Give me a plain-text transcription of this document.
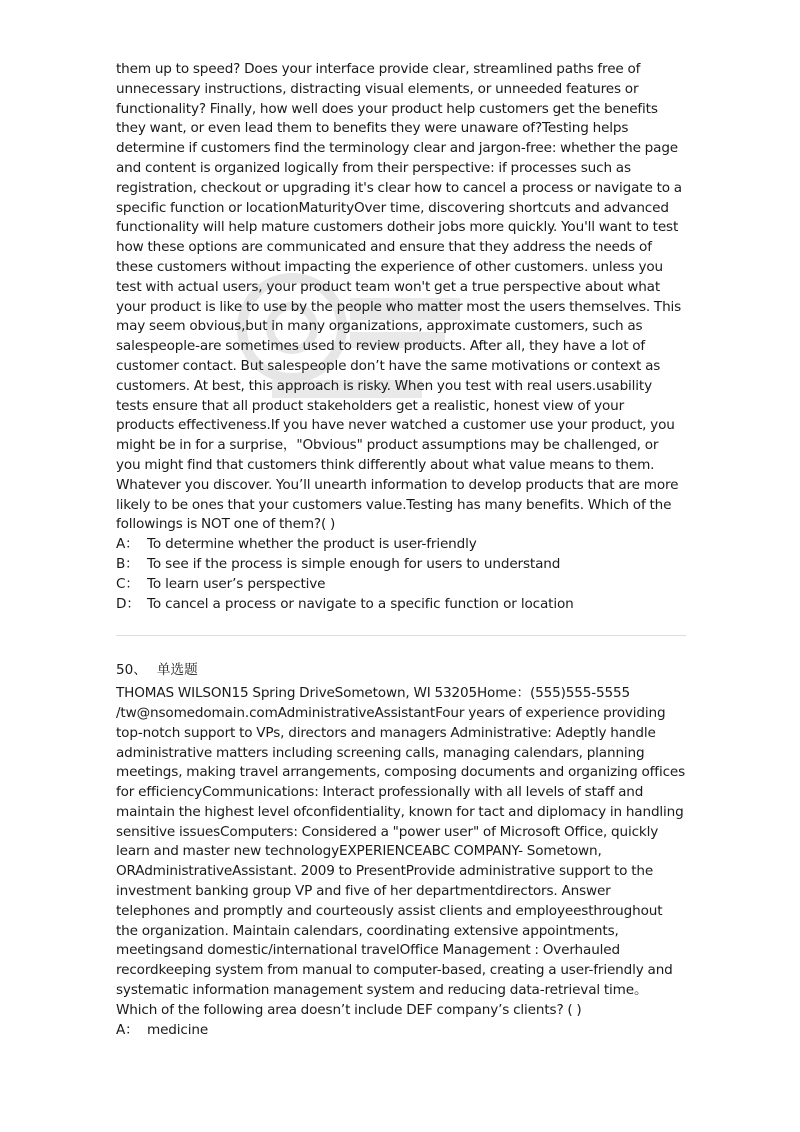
them up to speed? Does your interface provide clear, streamlined paths free of unnecessary instructions, distracting visual elements, or unneeded features or functionality? Finally, how well does your product help customers get the benefits they want, or even lead them to benefits they were unaware of?Testing helps determine if customers find the terminology clear and jargon-free: whether the page and content is organized logically from their perspective: if processes such as registration, checkout or upgrading it's clear how to cancel a process or navigate to a specific function or locationMaturityOver time, discovering shortcuts and advanced functionality will help mature customers dotheir jobs more quickly. You'll want to test how these options are communicated and ensure that they address the needs of these customers without impacting the experience of other customers. unless you test with actual users, your product team won't get a true perspective about what your product is like to use by the people who matter most the users themselves. This may seem obvious,but in many organizations, approximate customers, such as salespeople-are sometimes used to review products. After all, they have a lot of customer contact. But salespeople don’t have the same motivations or context as customers. At best, this approach is risky. When you test with real users.usability tests ensure that all product stakeholders get a realistic, honest view of your products effectiveness.If you have never watched a customer use your product, you might be in for a surprise，"Obvious" product assumptions may be challenged, or you might find that customers think differently about what value means to them. Whatever you discover. You’ll unearth information to develop products that are more likely to be ones that your customers value.Testing has many benefits. Which of the followings is NOT one of them?( )

A： To determine whether the product is user-friendly

B： To see if the process is simple enough for users to understand

C： To learn user’s perspective

D： To cancel a process or navigate to a specific function or location

50、 单选题

THOMAS WILSON15 Spring DriveSometown, WI 53205Home：(555)555-5555 /tw@nsomedomain.comAdministrativeAssistantFour years of experience providing top-notch support to VPs, directors and managers Administrative: Adeptly handle administrative matters including screening calls, managing calendars, planning meetings, making travel arrangements, composing documents and organizing offices for efficiencyCommunications: Interact professionally with all levels of staff and maintain the highest level ofconfidentiality, known for tact and diplomacy in handling sensitive issuesComputers: Considered a "power user" of Microsoft Office, quickly learn and master new technologyEXPERIENCEABC COMPANY- Sometown, ORAdministrativeAssistant. 2009 to PresentProvide administrative support to the investment banking group VP and five of her departmentdirectors. Answer telephones and promptly and courteously assist clients and employeesthroughout the organization. Maintain calendars, coordinating extensive appointments, meetingsand domestic/international travelOffice Management : Overhauled recordkeeping system from manual to computer-based, creating a user-friendly and systematic information management system and reducing data-retrieval time。Which of the following area doesn’t include DEF company’s clients? ( )

A： medicine
